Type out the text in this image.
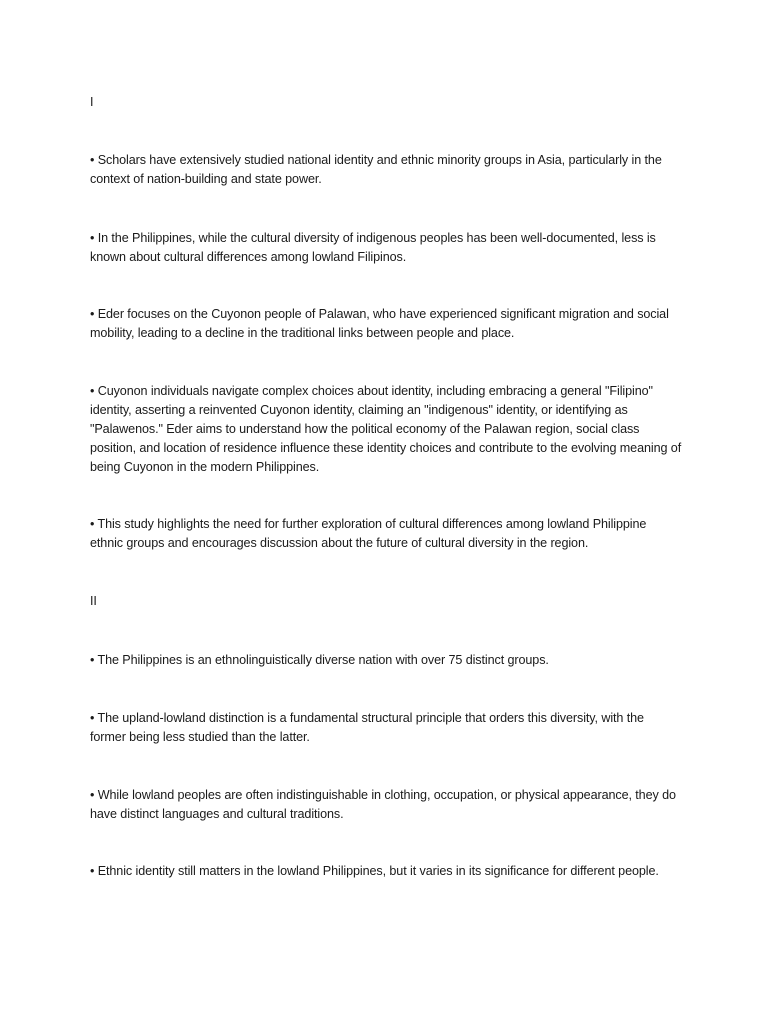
I

• Scholars have extensively studied national identity and ethnic minority groups in Asia, particularly in the context of nation-building and state power.

• In the Philippines, while the cultural diversity of indigenous peoples has been well-documented, less is known about cultural differences among lowland Filipinos.

• Eder focuses on the Cuyonon people of Palawan, who have experienced significant migration and social mobility, leading to a decline in the traditional links between people and place.

• Cuyonon individuals navigate complex choices about identity, including embracing a general "Filipino" identity, asserting a reinvented Cuyonon identity, claiming an "indigenous" identity, or identifying as "Palawenos." Eder aims to understand how the political economy of the Palawan region, social class position, and location of residence influence these identity choices and contribute to the evolving meaning of being Cuyonon in the modern Philippines.

• This study highlights the need for further exploration of cultural differences among lowland Philippine ethnic groups and encourages discussion about the future of cultural diversity in the region.

II

• The Philippines is an ethnolinguistically diverse nation with over 75 distinct groups.

• The upland-lowland distinction is a fundamental structural principle that orders this diversity, with the former being less studied than the latter.

• While lowland peoples are often indistinguishable in clothing, occupation, or physical appearance, they do have distinct languages and cultural traditions.

• Ethnic identity still matters in the lowland Philippines, but it varies in its significance for different people.
